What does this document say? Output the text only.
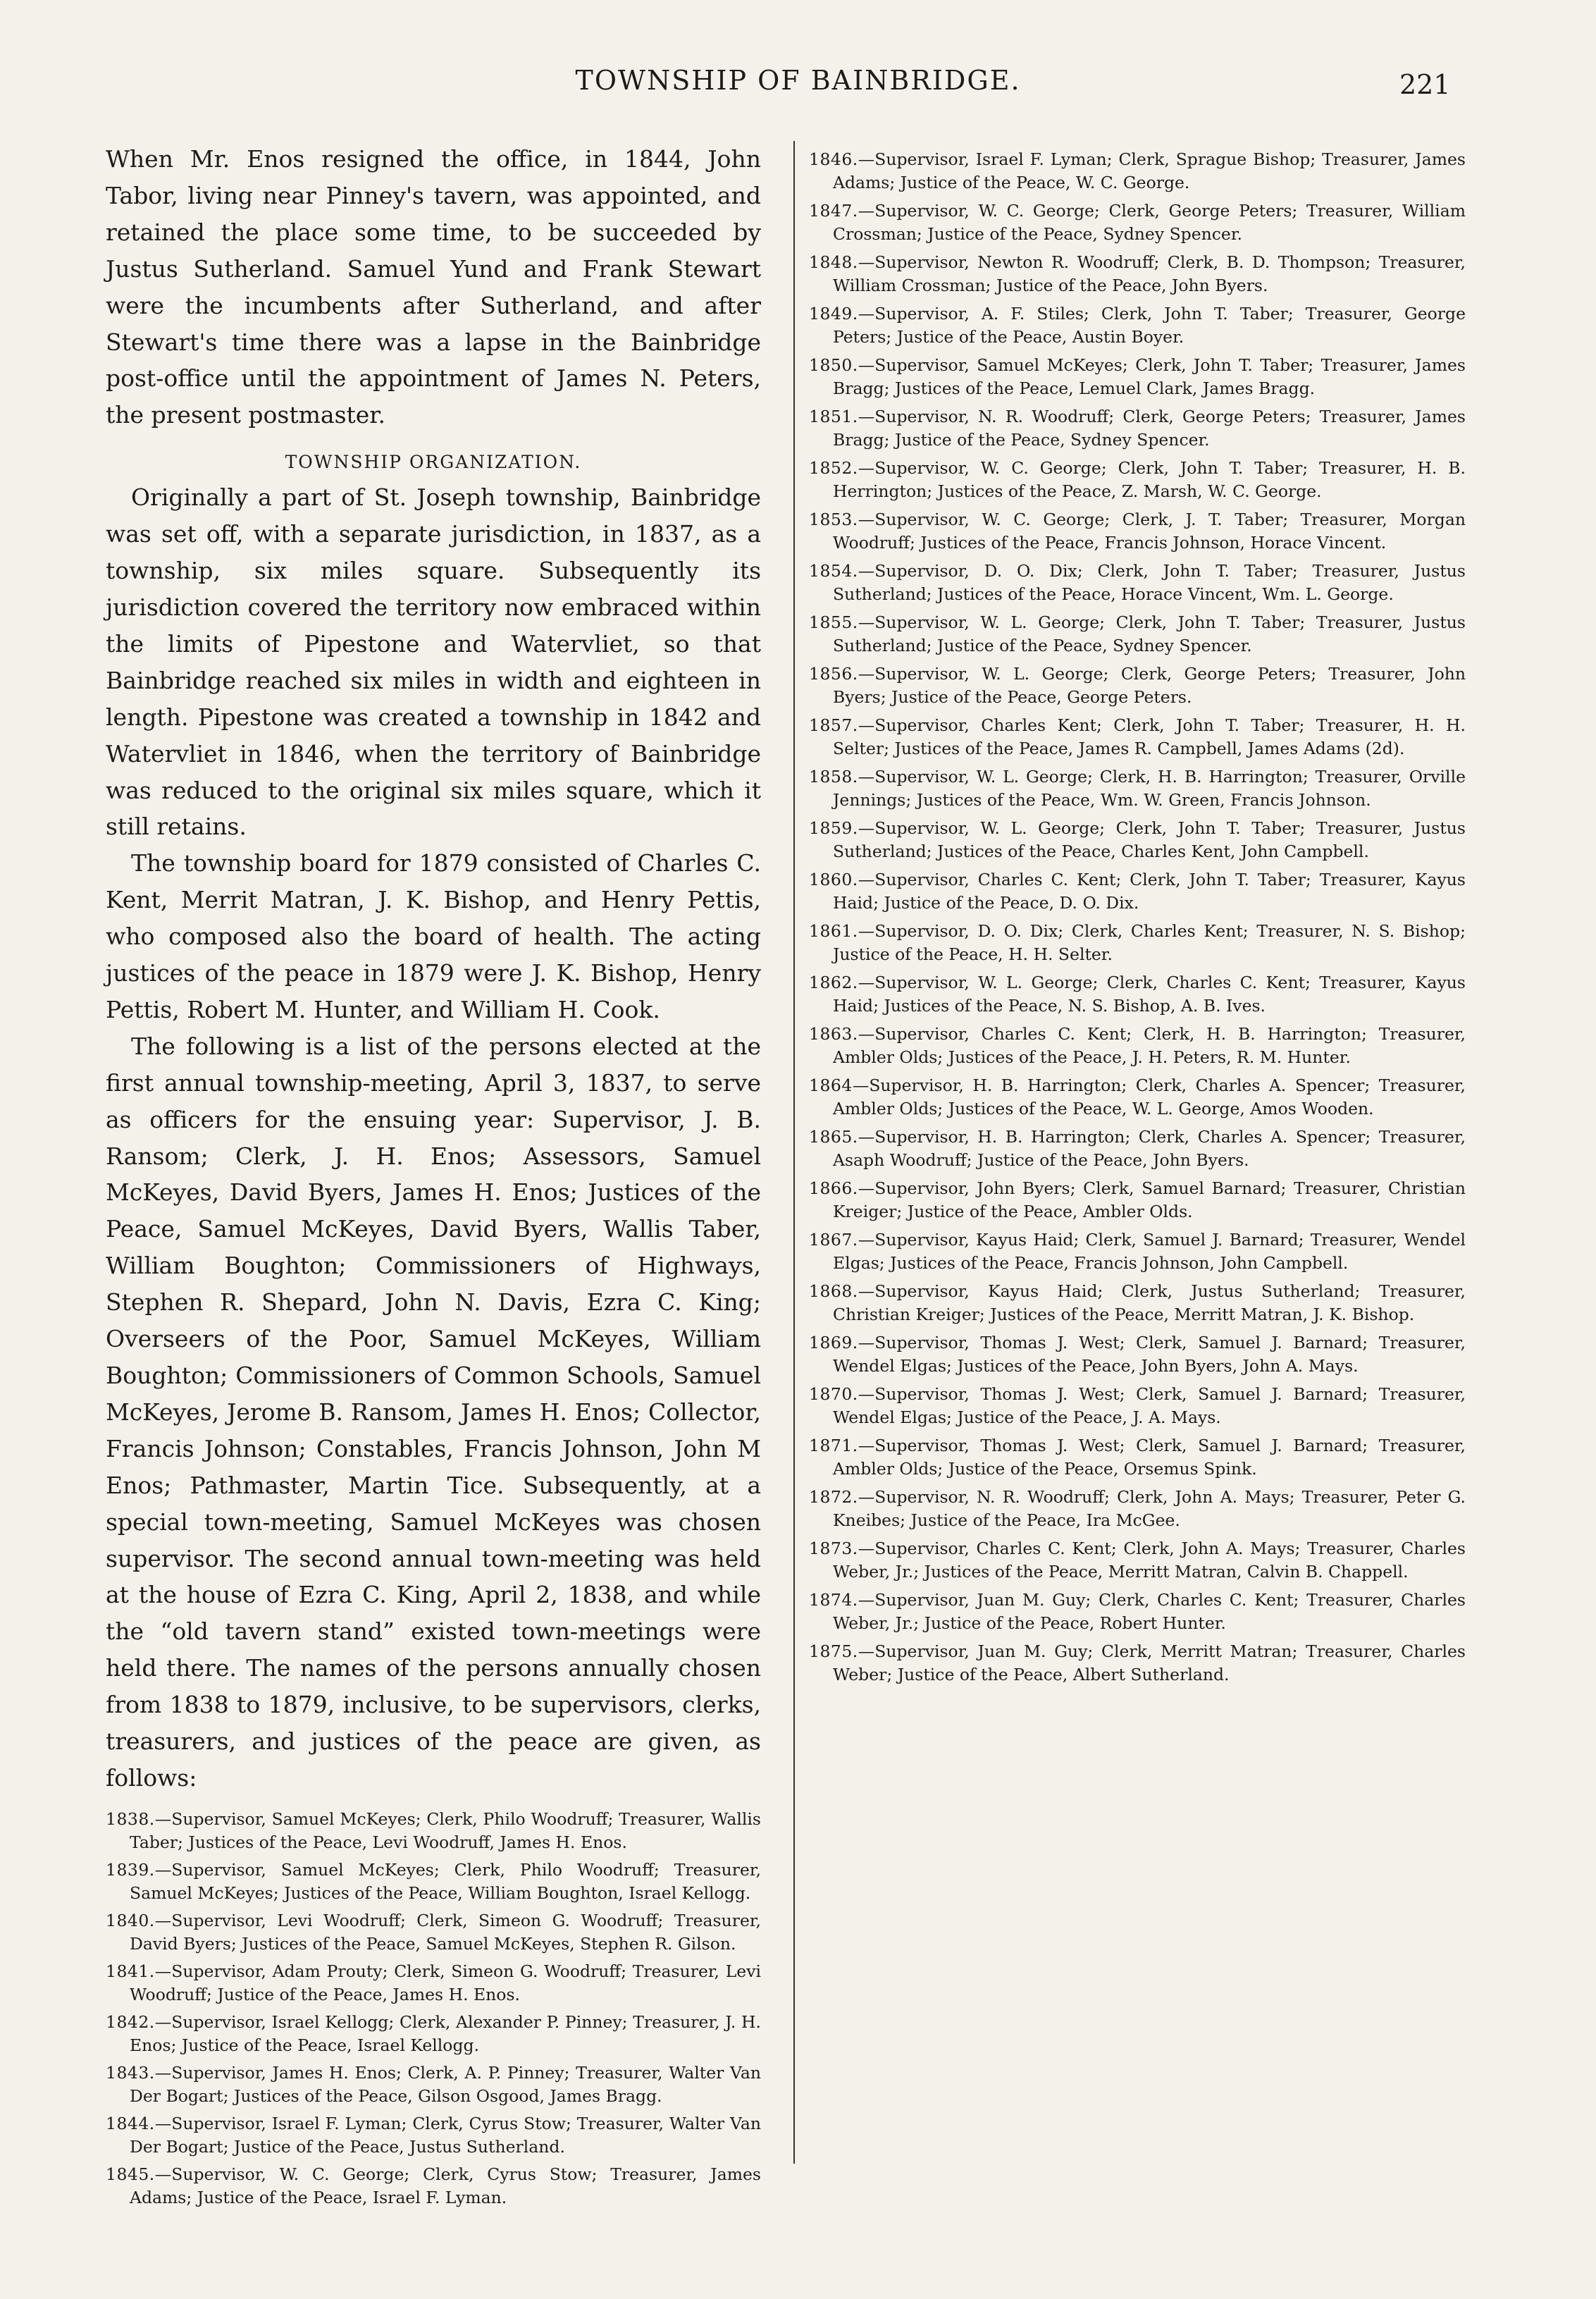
TOWNSHIP OF BAINBRIDGE.	221

When Mr. Enos resigned the office, in 1844, John Tabor, living near Pinney's tavern, was appointed, and retained the place some time, to be succeeded by Justus Sutherland. Samuel Yund and Frank Stewart were the incumbents after Sutherland, and after Stewart's time there was a lapse in the Bainbridge post-office until the appointment of James N. Peters, the present postmaster.

TOWNSHIP ORGANIZATION.

Originally a part of St. Joseph township, Bainbridge was set off, with a separate jurisdiction, in 1837, as a township, six miles square. Subsequently its jurisdiction covered the territory now embraced within the limits of Pipestone and Watervliet, so that Bainbridge reached six miles in width and eighteen in length. Pipestone was created a township in 1842 and Watervliet in 1846, when the territory of Bainbridge was reduced to the original six miles square, which it still retains.

The township board for 1879 consisted of Charles C. Kent, Merrit Matran, J. K. Bishop, and Henry Pettis, who composed also the board of health. The acting justices of the peace in 1879 were J. K. Bishop, Henry Pettis, Robert M. Hunter, and William H. Cook.

The following is a list of the persons elected at the first annual township-meeting, April 3, 1837, to serve as officers for the ensuing year: Supervisor, J. B. Ransom; Clerk, J. H. Enos; Assessors, Samuel McKeyes, David Byers, James H. Enos; Justices of the Peace, Samuel McKeyes, David Byers, Wallis Taber, William Boughton; Commissioners of Highways, Stephen R. Shepard, John N. Davis, Ezra C. King; Overseers of the Poor, Samuel McKeyes, William Boughton; Commissioners of Common Schools, Samuel McKeyes, Jerome B. Ransom, James H. Enos; Collector, Francis Johnson; Constables, Francis Johnson, John M Enos; Pathmaster, Martin Tice. Subsequently, at a special town-meeting, Samuel McKeyes was chosen supervisor. The second annual town-meeting was held at the house of Ezra C. King, April 2, 1838, and while the “old tavern stand” existed town-meetings were held there. The names of the persons annually chosen from 1838 to 1879, inclusive, to be supervisors, clerks, treasurers, and justices of the peace are given, as follows:

1838.—Supervisor, Samuel McKeyes; Clerk, Philo Woodruff; Treasurer, Wallis Taber; Justices of the Peace, Levi Woodruff, James H. Enos.

1839.—Supervisor, Samuel McKeyes; Clerk, Philo Woodruff; Treasurer, Samuel McKeyes; Justices of the Peace, William Boughton, Israel Kellogg.

1840.—Supervisor, Levi Woodruff; Clerk, Simeon G. Woodruff; Treasurer, David Byers; Justices of the Peace, Samuel McKeyes, Stephen R. Gilson.

1841.—Supervisor, Adam Prouty; Clerk, Simeon G. Woodruff; Treasurer, Levi Woodruff; Justice of the Peace, James H. Enos.

1842.—Supervisor, Israel Kellogg; Clerk, Alexander P. Pinney; Treasurer, J. H. Enos; Justice of the Peace, Israel Kellogg.

1843.—Supervisor, James H. Enos; Clerk, A. P. Pinney; Treasurer, Walter Van Der Bogart; Justices of the Peace, Gilson Osgood, James Bragg.

1844.—Supervisor, Israel F. Lyman; Clerk, Cyrus Stow; Treasurer, Walter Van Der Bogart; Justice of the Peace, Justus Sutherland.

1845.—Supervisor, W. C. George; Clerk, Cyrus Stow; Treasurer, James Adams; Justice of the Peace, Israel F. Lyman.

1846.—Supervisor, Israel F. Lyman; Clerk, Sprague Bishop; Treasurer, James Adams; Justice of the Peace, W. C. George.

1847.—Supervisor, W. C. George; Clerk, George Peters; Treasurer, William Crossman; Justice of the Peace, Sydney Spencer.

1848.—Supervisor, Newton R. Woodruff; Clerk, B. D. Thompson; Treasurer, William Crossman; Justice of the Peace, John Byers.

1849.—Supervisor, A. F. Stiles; Clerk, John T. Taber; Treasurer, George Peters; Justice of the Peace, Austin Boyer.

1850.—Supervisor, Samuel McKeyes; Clerk, John T. Taber; Treasurer, James Bragg; Justices of the Peace, Lemuel Clark, James Bragg.

1851.—Supervisor, N. R. Woodruff; Clerk, George Peters; Treasurer, James Bragg; Justice of the Peace, Sydney Spencer.

1852.—Supervisor, W. C. George; Clerk, John T. Taber; Treasurer, H. B. Herrington; Justices of the Peace, Z. Marsh, W. C. George.

1853.—Supervisor, W. C. George; Clerk, J. T. Taber; Treasurer, Morgan Woodruff; Justices of the Peace, Francis Johnson, Horace Vincent.

1854.—Supervisor, D. O. Dix; Clerk, John T. Taber; Treasurer, Justus Sutherland; Justices of the Peace, Horace Vincent, Wm. L. George.

1855.—Supervisor, W. L. George; Clerk, John T. Taber; Treasurer, Justus Sutherland; Justice of the Peace, Sydney Spencer.

1856.—Supervisor, W. L. George; Clerk, George Peters; Treasurer, John Byers; Justice of the Peace, George Peters.

1857.—Supervisor, Charles Kent; Clerk, John T. Taber; Treasurer, H. H. Selter; Justices of the Peace, James R. Campbell, James Adams (2d).

1858.—Supervisor, W. L. George; Clerk, H. B. Harrington; Treasurer, Orville Jennings; Justices of the Peace, Wm. W. Green, Francis Johnson.

1859.—Supervisor, W. L. George; Clerk, John T. Taber; Treasurer, Justus Sutherland; Justices of the Peace, Charles Kent, John Campbell.

1860.—Supervisor, Charles C. Kent; Clerk, John T. Taber; Treasurer, Kayus Haid; Justice of the Peace, D. O. Dix.

1861.—Supervisor, D. O. Dix; Clerk, Charles Kent; Treasurer, N. S. Bishop; Justice of the Peace, H. H. Selter.

1862.—Supervisor, W. L. George; Clerk, Charles C. Kent; Treasurer, Kayus Haid; Justices of the Peace, N. S. Bishop, A. B. Ives.

1863.—Supervisor, Charles C. Kent; Clerk, H. B. Harrington; Treasurer, Ambler Olds; Justices of the Peace, J. H. Peters, R. M. Hunter.

1864—Supervisor, H. B. Harrington; Clerk, Charles A. Spencer; Treasurer, Ambler Olds; Justices of the Peace, W. L. George, Amos Wooden.

1865.—Supervisor, H. B. Harrington; Clerk, Charles A. Spencer; Treasurer, Asaph Woodruff; Justice of the Peace, John Byers.

1866.—Supervisor, John Byers; Clerk, Samuel Barnard; Treasurer, Christian Kreiger; Justice of the Peace, Ambler Olds.

1867.—Supervisor, Kayus Haid; Clerk, Samuel J. Barnard; Treasurer, Wendel Elgas; Justices of the Peace, Francis Johnson, John Campbell.

1868.—Supervisor, Kayus Haid; Clerk, Justus Sutherland; Treasurer, Christian Kreiger; Justices of the Peace, Merritt Matran, J. K. Bishop.

1869.—Supervisor, Thomas J. West; Clerk, Samuel J. Barnard; Treasurer, Wendel Elgas; Justices of the Peace, John Byers, John A. Mays.

1870.—Supervisor, Thomas J. West; Clerk, Samuel J. Barnard; Treasurer, Wendel Elgas; Justice of the Peace, J. A. Mays.

1871.—Supervisor, Thomas J. West; Clerk, Samuel J. Barnard; Treasurer, Ambler Olds; Justice of the Peace, Orsemus Spink.

1872.—Supervisor, N. R. Woodruff; Clerk, John A. Mays; Treasurer, Peter G. Kneibes; Justice of the Peace, Ira McGee.

1873.—Supervisor, Charles C. Kent; Clerk, John A. Mays; Treasurer, Charles Weber, Jr.; Justices of the Peace, Merritt Matran, Calvin B. Chappell.

1874.—Supervisor, Juan M. Guy; Clerk, Charles C. Kent; Treasurer, Charles Weber, Jr.; Justice of the Peace, Robert Hunter.

1875.—Supervisor, Juan M. Guy; Clerk, Merritt Matran; Treasurer, Charles Weber; Justice of the Peace, Albert Sutherland.
